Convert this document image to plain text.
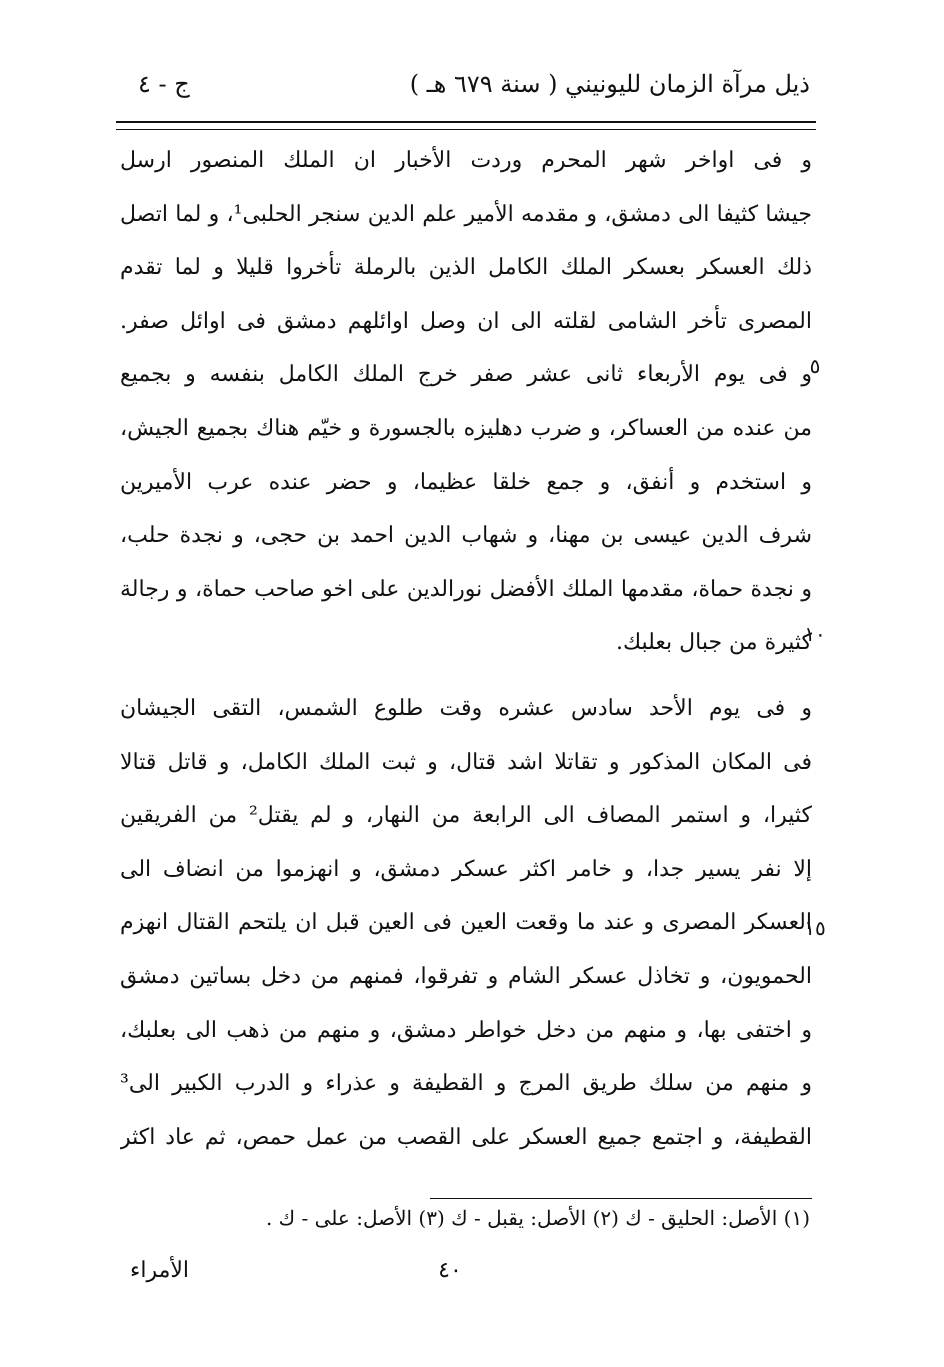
ذيل مرآة الزمان لليونيني ( سنة ٦٧٩ هـ )
ج - ٤
و فى اواخر شهر المحرم وردت الأخبار ان الملك المنصور ارسل
جيشا كثيفا الى دمشق، و مقدمه الأمير علم الدين سنجر الحلبى¹، و لما اتصل
ذلك العسكر بعسكر الملك الكامل الذين بالرملة تأخروا قليلا و لما تقدم
المصرى تأخر الشامى لقلته الى ان وصل اوائلهم دمشق فى اوائل صفر.
و فى يوم الأربعاء ثانى عشر صفر خرج الملك الكامل بنفسه و بجميع
من عنده من العساكر، و ضرب دهليزه بالجسورة و خيّم هناك بجميع الجيش،
و استخدم و أنفق، و جمع خلقا عظيما، و حضر عنده عرب الأميرين
شرف الدين عيسى بن مهنا، و شهاب الدين احمد بن حجى، و نجدة حلب،
و نجدة حماة، مقدمها الملك الأفضل نورالدين على اخو صاحب حماة، و رجالة
كثيرة من جبال بعلبك.
و فى يوم الأحد سادس عشره وقت طلوع الشمس، التقى الجيشان
فى المكان المذكور و تقاتلا اشد قتال، و ثبت الملك الكامل، و قاتل قتالا
كثيرا، و استمر المصاف الى الرابعة من النهار، و لم يقتل² من الفريقين
إلا نفر يسير جدا، و خامر اكثر عسكر دمشق، و انهزموا من انضاف الى
العسكر المصرى و عند ما وقعت العين فى العين قبل ان يلتحم القتال انهزم
الحمويون، و تخاذل عسكر الشام و تفرقوا، فمنهم من دخل بساتين دمشق
و اختفى بها، و منهم من دخل خواطر دمشق، و منهم من ذهب الى بعلبك،
و منهم من سلك طريق المرج و القطيفة و عذراء و الدرب الكبير الى³
القطيفة، و اجتمع جميع العسكر على القصب من عمل حمص، ثم عاد اكثر
٥
١٠
١٥
(١) الأصل: الحليق - ك (٢) الأصل: يقبل - ك (٣) الأصل: على - ك .
٤٠
الأمراء
